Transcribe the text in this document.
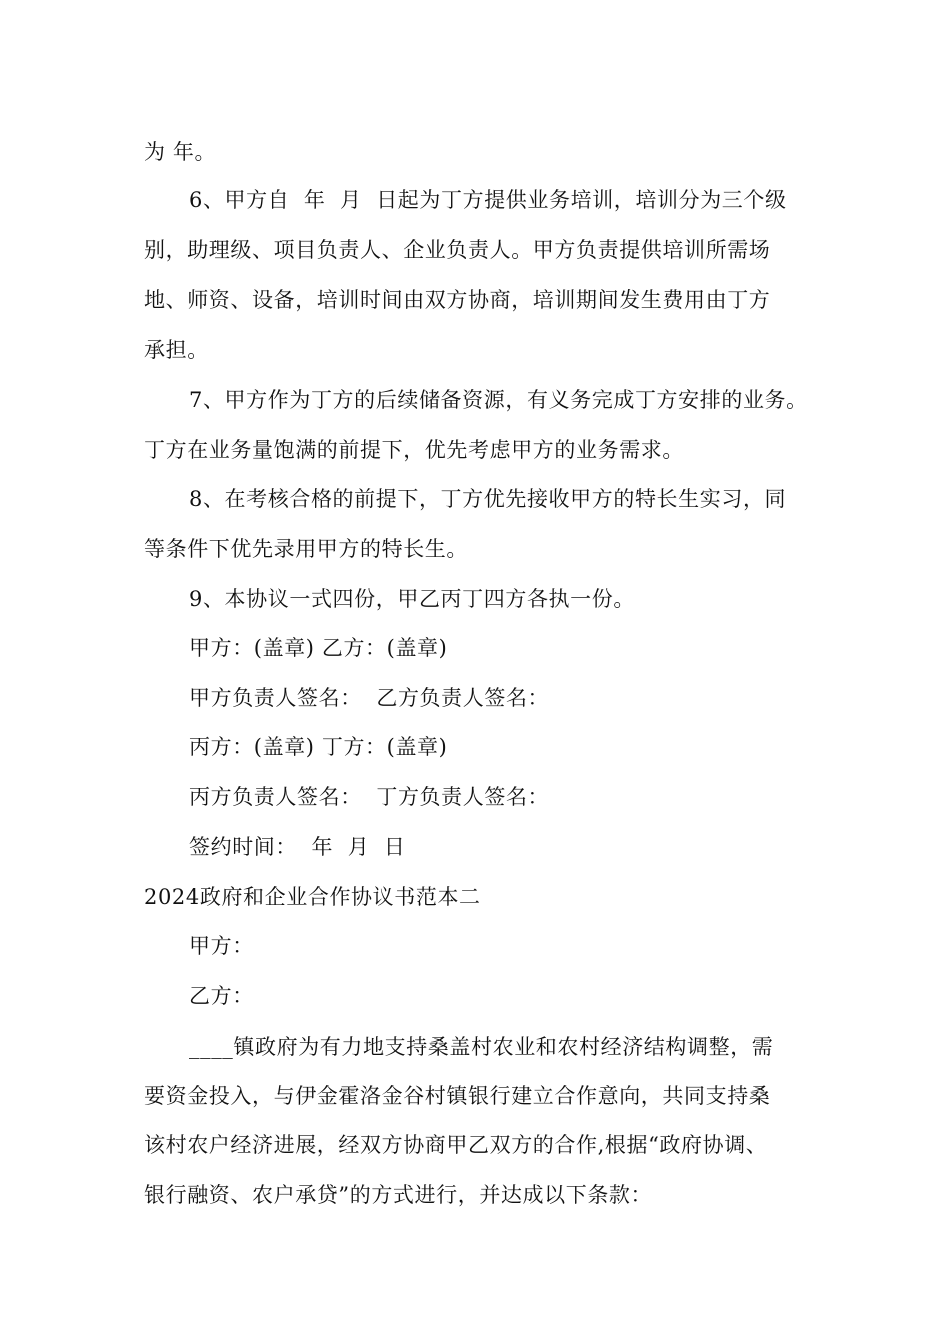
为 年。
6、甲方自  年  月  日起为丁方提供业务培训，培训分为三个级
别，助理级、项目负责人、企业负责人。甲方负责提供培训所需场
地、师资、设备，培训时间由双方协商，培训期间发生费用由丁方
承担。
7、甲方作为丁方的后续储备资源，有义务完成丁方安排的业务。
丁方在业务量饱满的前提下，优先考虑甲方的业务需求。
8、在考核合格的前提下，丁方优先接收甲方的特长生实习，同
等条件下优先录用甲方的特长生。
9、本协议一式四份，甲乙丙丁四方各执一份。
甲方：(盖章) 乙方：(盖章)
甲方负责人签名：  乙方负责人签名：
丙方：(盖章) 丁方：(盖章)
丙方负责人签名：  丁方负责人签名：
签约时间：  年  月  日
2024政府和企业合作协议书范本二
甲方：
乙方：
____镇政府为有力地支持桑盖村农业和农村经济结构调整，需
要资金投入，与伊金霍洛金谷村镇银行建立合作意向，共同支持桑
该村农户经济进展，经双方协商甲乙双方的合作,根据“政府协调、
银行融资、农户承贷”的方式进行，并达成以下条款：
